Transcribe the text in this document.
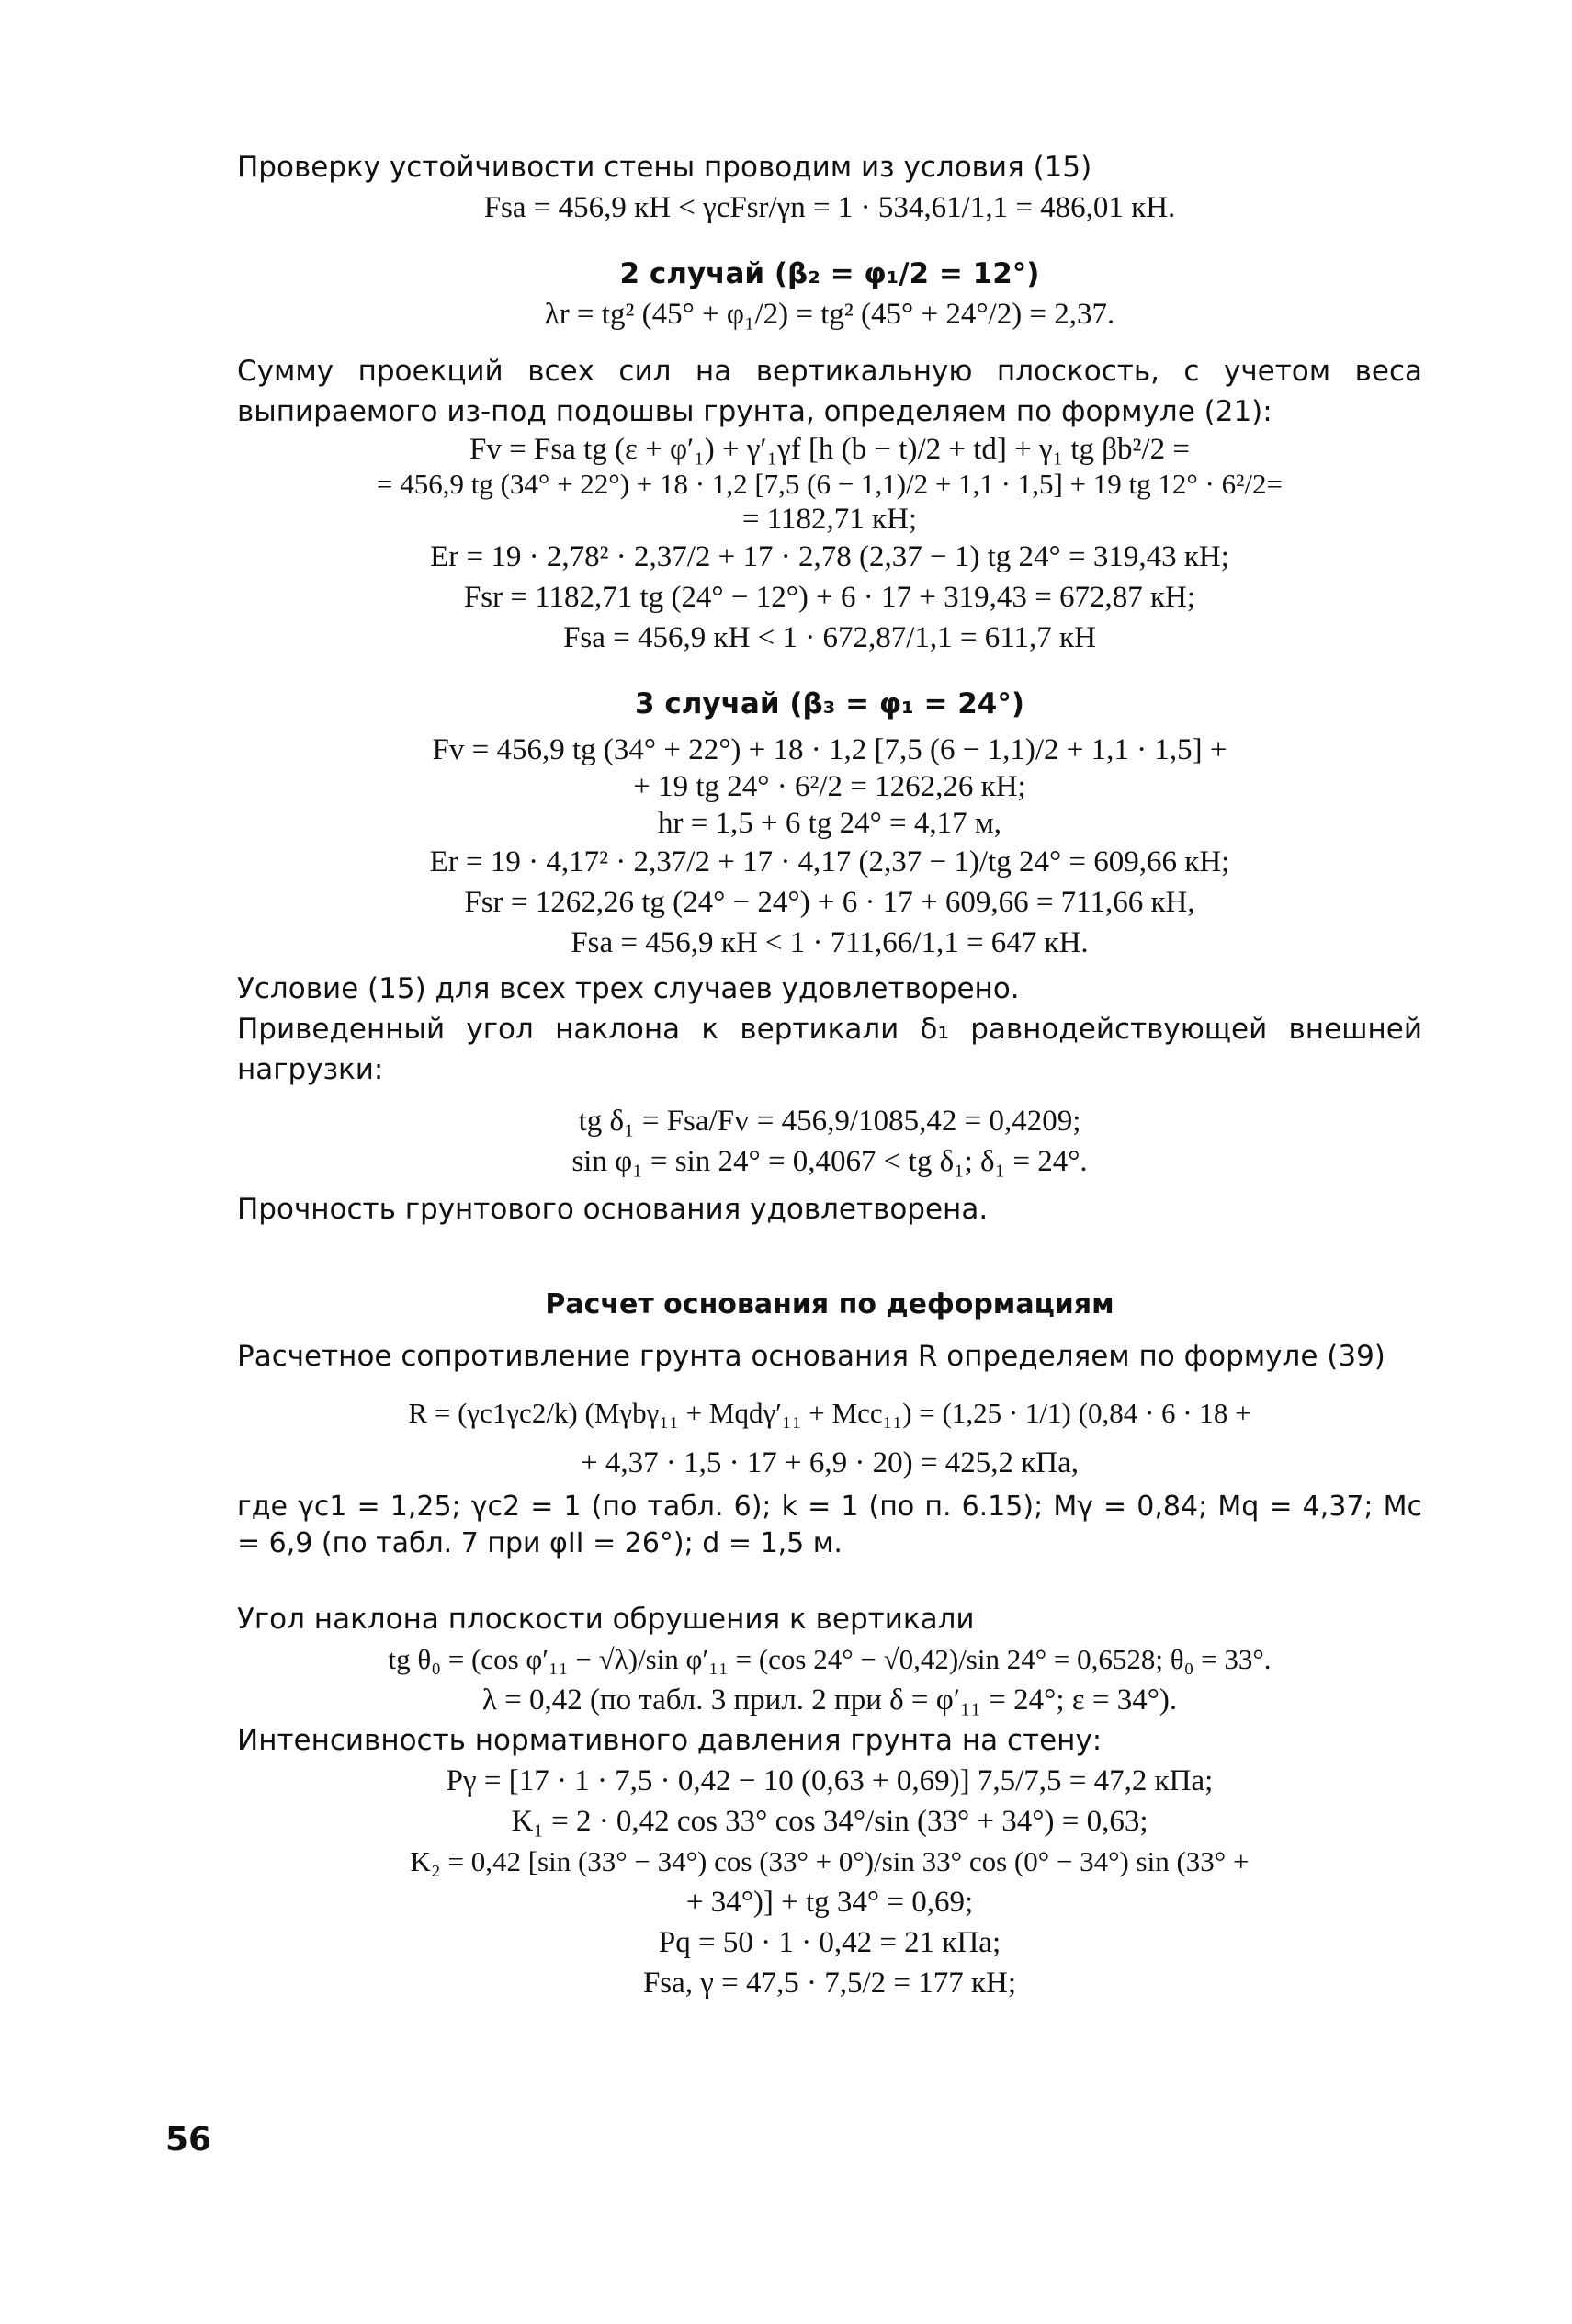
Проверку устойчивости стены проводим из условия (15)

Fsa = 456,9 кН < γcFsr/γn = 1 · 534,61/1,1 = 486,01 кН.

2 случай (β₂ = φ₁/2 = 12°)

λr = tg² (45° + φ₁/2) = tg² (45° + 24°/2) = 2,37.

Сумму проекций всех сил на вертикальную плоскость, с учетом веса выпираемого из-под подошвы грунта, определяем по формуле (21):

Fv = Fsa tg (ε + φ′₁) + γ′₁γf [h (b − t)/2 + td] + γ₁ tg βb²/2 =

= 456,9 tg (34° + 22°) + 18 · 1,2 [7,5 (6 − 1,1)/2 + 1,1 · 1,5] + 19 tg 12° · 6²/2=

= 1182,71 кН;

Er = 19 · 2,78² · 2,37/2 + 17 · 2,78 (2,37 − 1) tg 24° = 319,43 кН;

Fsr = 1182,71 tg (24° − 12°) + 6 · 17 + 319,43 = 672,87 кН;

Fsa = 456,9 кН < 1 · 672,87/1,1 = 611,7 кН

3 случай (β₃ = φ₁ = 24°)

Fv = 456,9 tg (34° + 22°) + 18 · 1,2 [7,5 (6 − 1,1)/2 + 1,1 · 1,5] +

+ 19 tg 24° · 6²/2 = 1262,26 кН;

hr = 1,5 + 6 tg 24° = 4,17 м,

Er = 19 · 4,17² · 2,37/2 + 17 · 4,17 (2,37 − 1)/tg 24° = 609,66 кН;

Fsr = 1262,26 tg (24° − 24°) + 6 · 17 + 609,66 = 711,66 кН,

Fsa = 456,9 кН < 1 · 711,66/1,1 = 647 кН.

Условие (15) для всех трех случаев удовлетворено.

Приведенный угол наклона к вертикали δ₁ равнодействующей внешней нагрузки:

tg δ₁ = Fsa/Fv = 456,9/1085,42 = 0,4209;

sin φ₁ = sin 24° = 0,4067 < tg δ₁; δ₁ = 24°.

Прочность грунтового основания удовлетворена.

Расчет основания по деформациям

Расчетное сопротивление грунта основания R определяем по формуле (39)

R = (γc1γc2/k) (Mγbγ₁₁ + Mqdγ′₁₁ + Mcc₁₁) = (1,25 · 1/1) (0,84 · 6 · 18 +

+ 4,37 · 1,5 · 17 + 6,9 · 20) = 425,2 кПа,

где γc1 = 1,25; γc2 = 1 (по табл. 6); k = 1 (по п. 6.15); Mγ = 0,84; Mq = 4,37; Mc = 6,9 (по табл. 7 при φII = 26°); d = 1,5 м.

Угол наклона плоскости обрушения к вертикали

tg θ₀ = (cos φ′₁₁ − √λ)/sin φ′₁₁ = (cos 24° − √0,42)/sin 24° = 0,6528; θ₀ = 33°.

λ = 0,42 (по табл. 3 прил. 2 при δ = φ′₁₁ = 24°; ε = 34°).

Интенсивность нормативного давления грунта на стену:

Pγ = [17 · 1 · 7,5 · 0,42 − 10 (0,63 + 0,69)] 7,5/7,5 = 47,2 кПа;

K₁ = 2 · 0,42 cos 33° cos 34°/sin (33° + 34°) = 0,63;

K₂ = 0,42 [sin (33° − 34°) cos (33° + 0°)/sin 33° cos (0° − 34°) sin (33° +

+ 34°)] + tg 34° = 0,69;

Pq = 50 · 1 · 0,42 = 21 кПа;

Fsa, γ = 47,5 · 7,5/2 = 177 кН;

56
